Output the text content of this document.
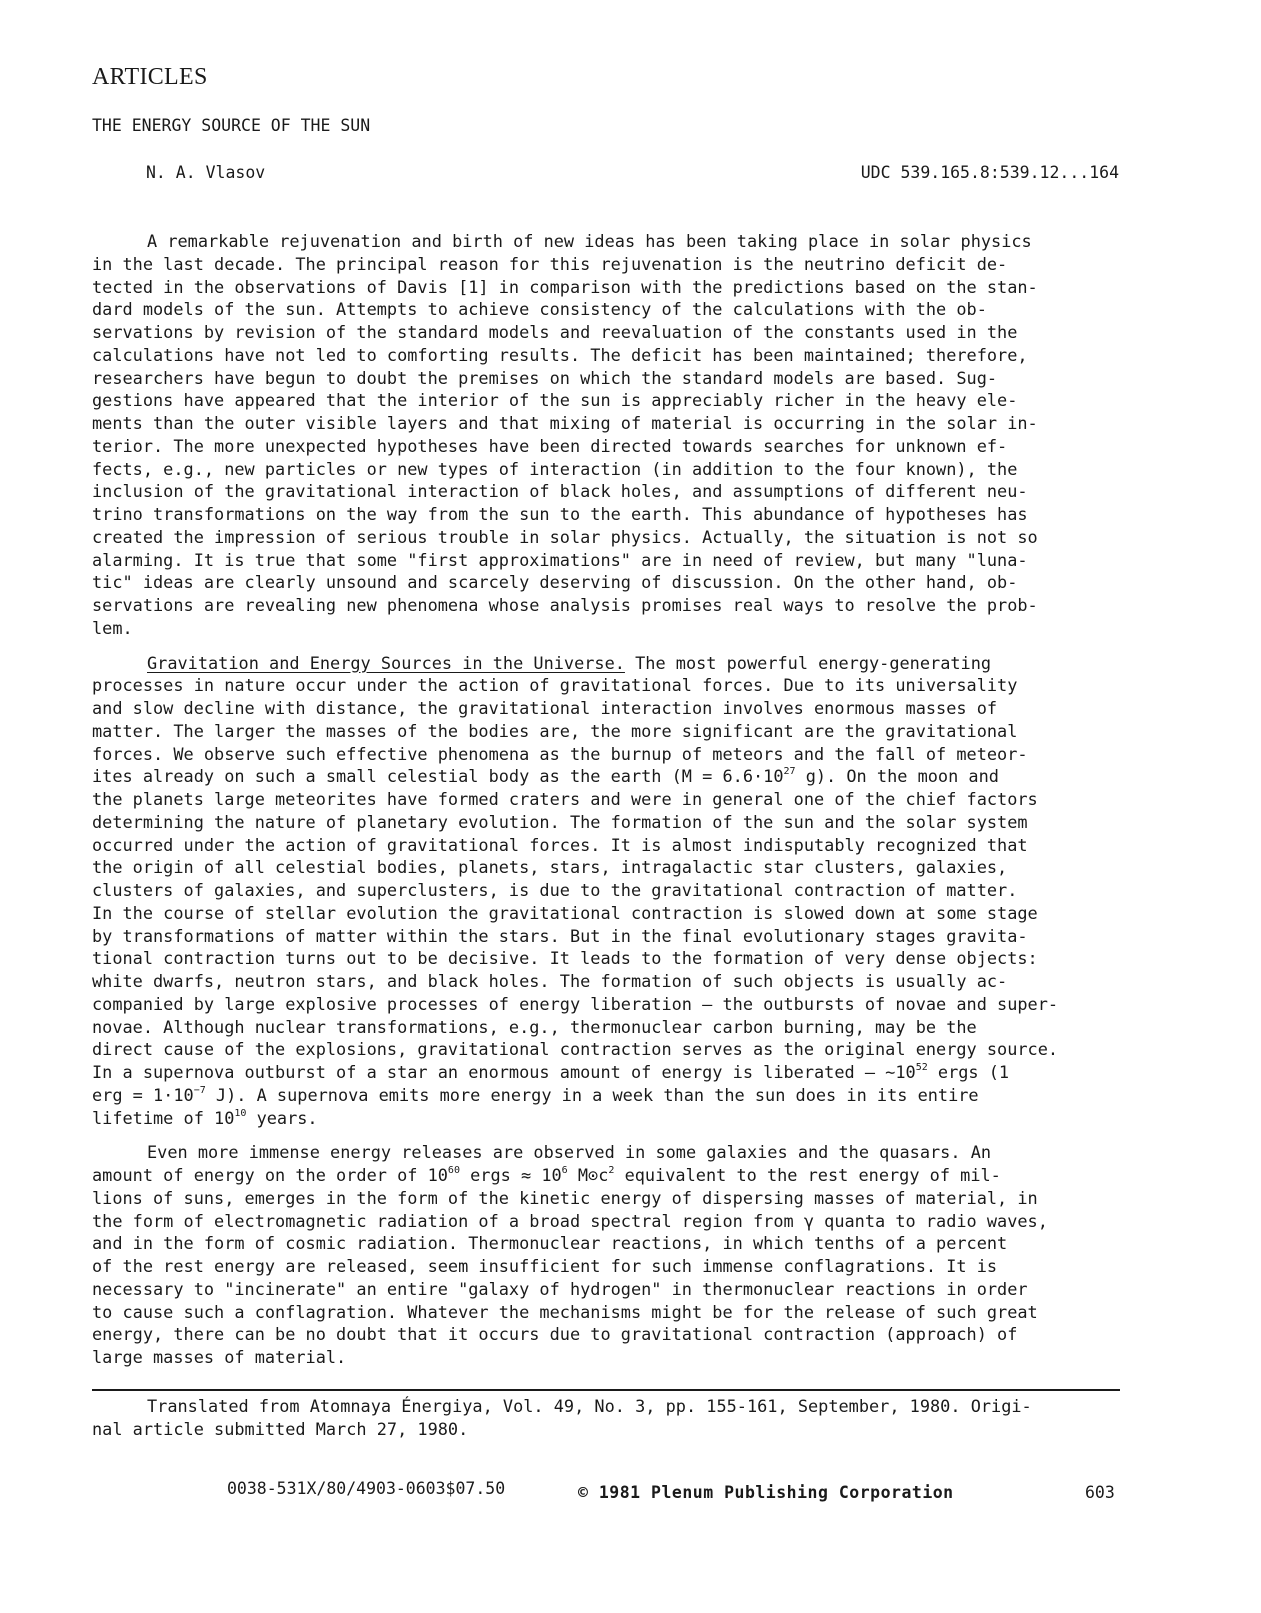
ARTICLES
THE ENERGY SOURCE OF THE SUN
N. A. Vlasov	UDC 539.165.8:539.12...164

A remarkable rejuvenation and birth of new ideas has been taking place in solar physics
in the last decade. The principal reason for this rejuvenation is the neutrino deficit de-
tected in the observations of Davis [1] in comparison with the predictions based on the stan-
dard models of the sun. Attempts to achieve consistency of the calculations with the ob-
servations by revision of the standard models and reevaluation of the constants used in the
calculations have not led to comforting results. The deficit has been maintained; therefore,
researchers have begun to doubt the premises on which the standard models are based. Sug-
gestions have appeared that the interior of the sun is appreciably richer in the heavy ele-
ments than the outer visible layers and that mixing of material is occurring in the solar in-
terior. The more unexpected hypotheses have been directed towards searches for unknown ef-
fects, e.g., new particles or new types of interaction (in addition to the four known), the
inclusion of the gravitational interaction of black holes, and assumptions of different neu-
trino transformations on the way from the sun to the earth. This abundance of hypotheses has
created the impression of serious trouble in solar physics. Actually, the situation is not so
alarming. It is true that some "first approximations" are in need of review, but many "luna-
tic" ideas are clearly unsound and scarcely deserving of discussion. On the other hand, ob-
servations are revealing new phenomena whose analysis promises real ways to resolve the prob-
lem.

Gravitation and Energy Sources in the Universe. The most powerful energy-generating
processes in nature occur under the action of gravitational forces. Due to its universality
and slow decline with distance, the gravitational interaction involves enormous masses of
matter. The larger the masses of the bodies are, the more significant are the gravitational
forces. We observe such effective phenomena as the burnup of meteors and the fall of meteor-
ites already on such a small celestial body as the earth ($M = 6.6\cdot 10^{27}$ g). On the moon and
the planets large meteorites have formed craters and were in general one of the chief factors
determining the nature of planetary evolution. The formation of the sun and the solar system
occurred under the action of gravitational forces. It is almost indisputably recognized that
the origin of all celestial bodies, planets, stars, intragalactic star clusters, galaxies,
clusters of galaxies, and superclusters, is due to the gravitational contraction of matter.
In the course of stellar evolution the gravitational contraction is slowed down at some stage
by transformations of matter within the stars. But in the final evolutionary stages gravita-
tional contraction turns out to be decisive. It leads to the formation of very dense objects:
white dwarfs, neutron stars, and black holes. The formation of such objects is usually ac-
companied by large explosive processes of energy liberation — the outbursts of novae and super-
novae. Although nuclear transformations, e.g., thermonuclear carbon burning, may be the
direct cause of the explosions, gravitational contraction serves as the original energy source.
In a supernova outburst of a star an enormous amount of energy is liberated — $\sim 10^{52}$ ergs (1
erg = $1\cdot 10^{-7}$ J). A supernova emits more energy in a week than the sun does in its entire
lifetime of $10^{10}$ years.

Even more immense energy releases are observed in some galaxies and the quasars. An
amount of energy on the order of $10^{60}$ ergs ≈ $10^6$ $M⊙c^2$ equivalent to the rest energy of mil-
lions of suns, emerges in the form of the kinetic energy of dispersing masses of material, in
the form of electromagnetic radiation of a broad spectral region from γ quanta to radio waves,
and in the form of cosmic radiation. Thermonuclear reactions, in which tenths of a percent
of the rest energy are released, seem insufficient for such immense conflagrations. It is
necessary to "incinerate" an entire "galaxy of hydrogen" in thermonuclear reactions in order
to cause such a conflagration. Whatever the mechanisms might be for the release of such great
energy, there can be no doubt that it occurs due to gravitational contraction (approach) of
large masses of material.

Translated from Atomnaya Énergiya, Vol. 49, No. 3, pp. 155-161, September, 1980. Origi-
nal article submitted March 27, 1980.
0038-531X/80/4903-0603$07.50	© 1981 Plenum Publishing Corporation	603
